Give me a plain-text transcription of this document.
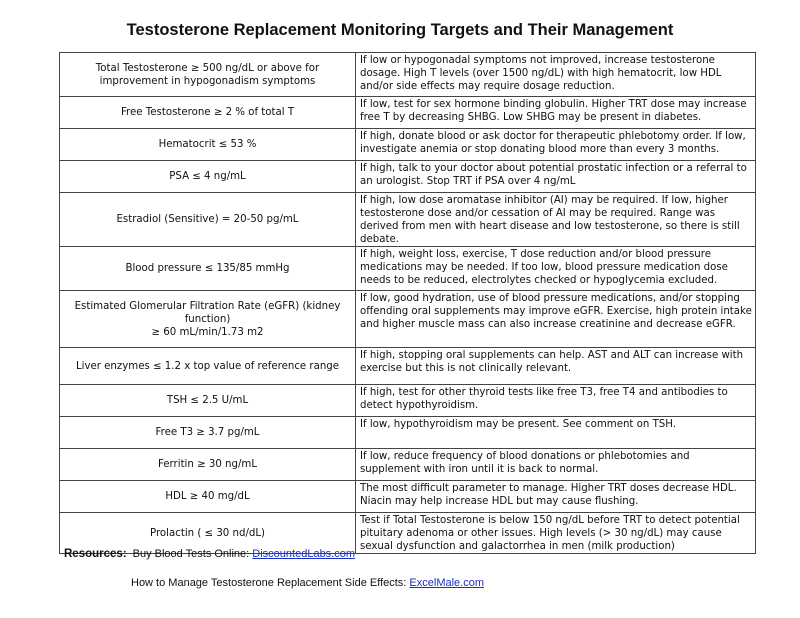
Testosterone Replacement Monitoring Targets and Their Management
Total Testosterone ≥ 500 ng/dL or above for improvement in hypogonadism symptoms	If low or hypogonadal symptoms not improved, increase testosterone dosage. High T levels (over 1500 ng/dL) with high hematocrit, low HDL and/or side effects may require dosage reduction.

Free Testosterone ≥ 2 % of total T	If low, test for sex hormone binding globulin. Higher TRT dose may increase free T by decreasing SHBG. Low SHBG may be present in diabetes.

Hematocrit ≤ 53 %	If high, donate blood or ask doctor for therapeutic phlebotomy order. If low, investigate anemia or stop donating blood more than every 3 months.

PSA ≤ 4 ng/mL	If high, talk to your doctor about potential prostatic infection or a referral to an urologist. Stop TRT if PSA over 4 ng/mL

Estradiol (Sensitive) = 20-50 pg/mL	If high, low dose aromatase inhibitor (AI) may be required. If low, higher testosterone dose and/or cessation of AI may be required. Range was derived from men with heart disease and low testosterone, so there is still debate.

Blood pressure ≤ 135/85 mmHg	If high, weight loss, exercise, T dose reduction and/or blood pressure medications may be needed. If too low, blood pressure medication dose needs to be reduced, electrolytes checked or hypoglycemia excluded.

Estimated Glomerular Filtration Rate (eGFR) (kidney function)
≥ 60 mL/min/1.73 m2	If low, good hydration, use of blood pressure medications, and/or stopping offending oral supplements may improve eGFR. Exercise, high protein intake and higher muscle mass can also increase creatinine and decrease eGFR.

Liver enzymes ≤ 1.2 x top value of reference range	If high, stopping oral supplements can help. AST and ALT can increase with exercise but this is not clinically relevant.

TSH ≤ 2.5 U/mL	If high, test for other thyroid tests like free T3, free T4 and antibodies to detect hypothyroidism.

Free T3 ≥ 3.7 pg/mL	If low, hypothyroidism may be present. See comment on TSH.

Ferritin ≥ 30 ng/mL	If low, reduce frequency of blood donations or phlebotomies and supplement with iron until it is back to normal.

HDL ≥ 40 mg/dL	The most difficult parameter to manage. Higher TRT doses decrease HDL. Niacin may help increase HDL but may cause flushing.

Prolactin ( ≤ 30 nd/dL)	Test if Total Testosterone is below 150 ng/dL before TRT to detect potential pituitary adenoma or other issues. High levels (> 30 ng/dL) may cause sexual dysfunction and galactorrhea in men (milk production)
Resources: Buy Blood Tests Online: DiscountedLabs.com
How to Manage Testosterone Replacement Side Effects: ExcelMale.com
